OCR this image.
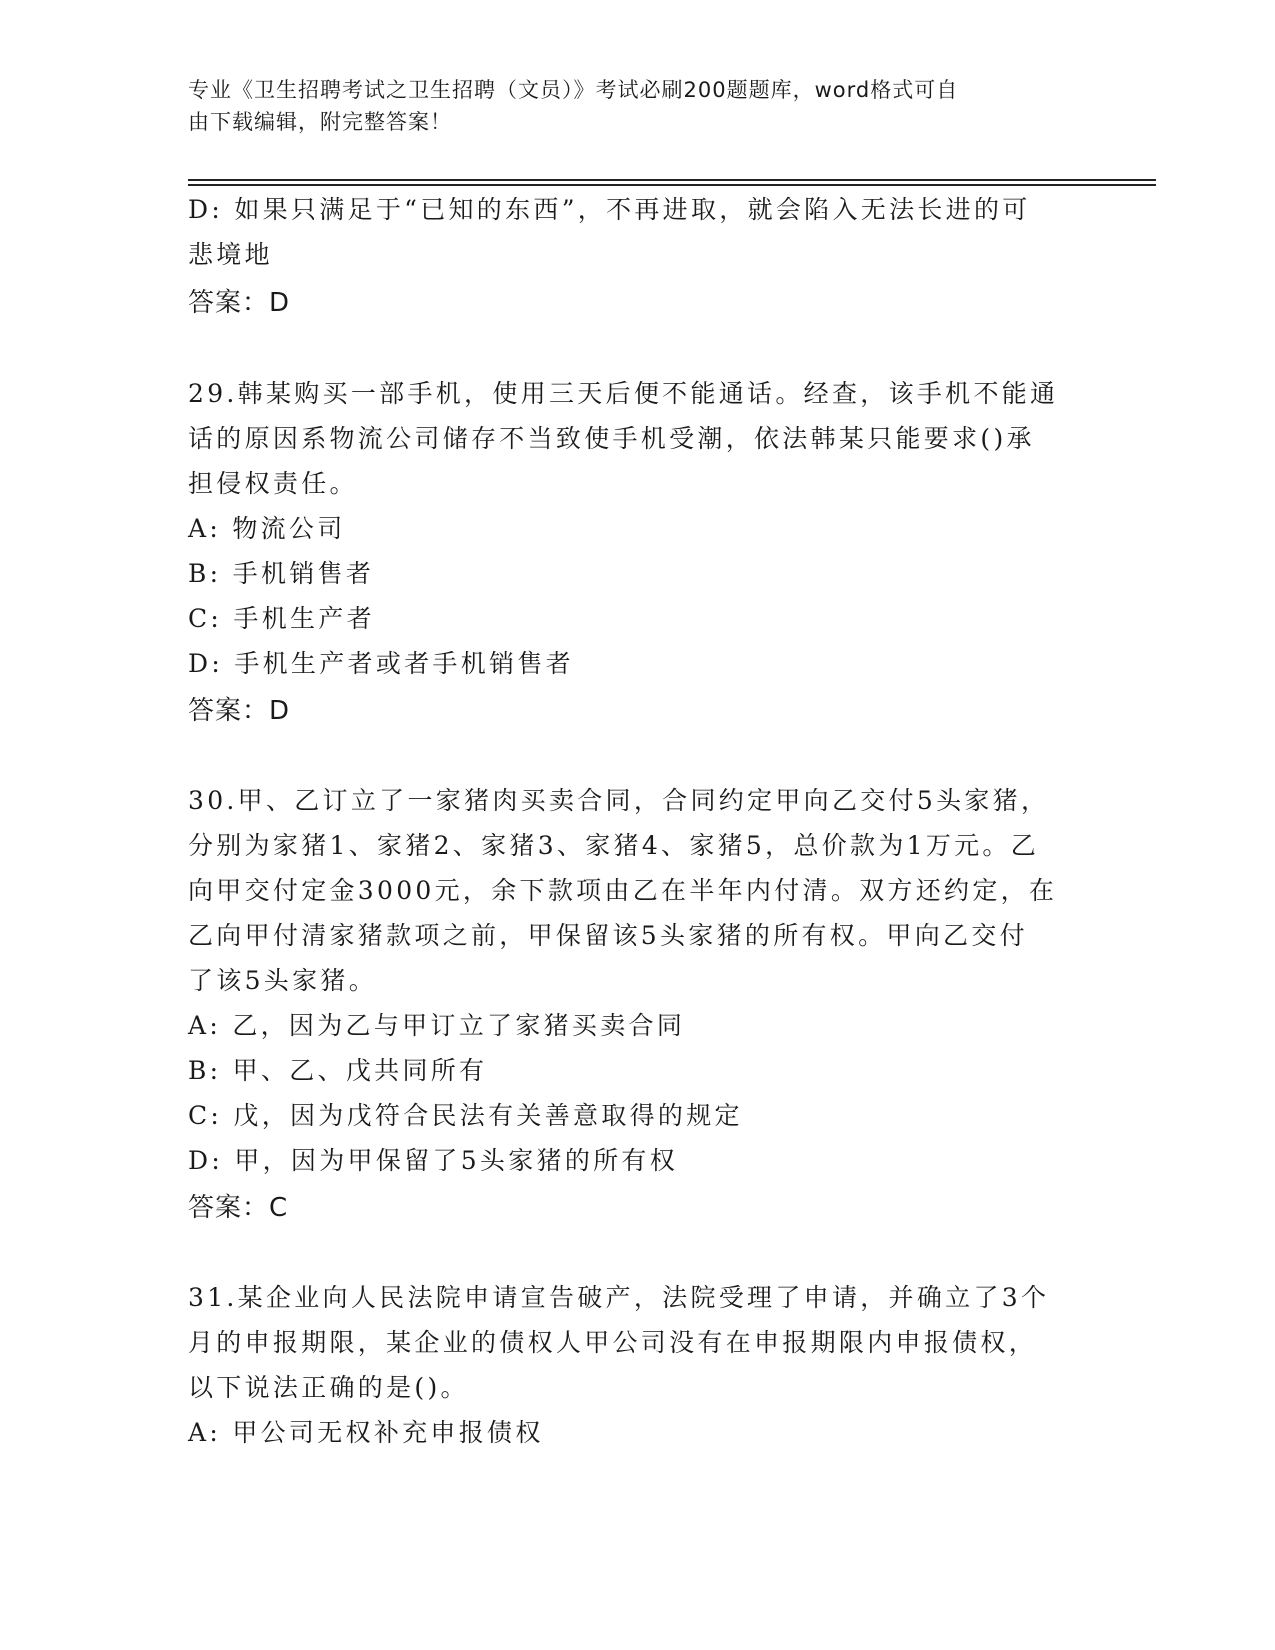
专业《卫生招聘考试之卫生招聘（文员）》考试必刷200题题库，word格式可自
由下载编辑，附完整答案！
D: 如果只满足于“已知的东西”，不再进取，就会陷入无法长进的可
悲境地
答案：D
29.韩某购买一部手机，使用三天后便不能通话。经查，该手机不能通
话的原因系物流公司储存不当致使手机受潮，依法韩某只能要求()承
担侵权责任。
A: 物流公司
B: 手机销售者
C: 手机生产者
D: 手机生产者或者手机销售者
答案：D
30.甲、乙订立了一家猪肉买卖合同，合同约定甲向乙交付5头家猪，
分别为家猪1、家猪2、家猪3、家猪4、家猪5，总价款为1万元。乙
向甲交付定金3000元，余下款项由乙在半年内付清。双方还约定，在
乙向甲付清家猪款项之前，甲保留该5头家猪的所有权。甲向乙交付
了该5头家猪。
A: 乙，因为乙与甲订立了家猪买卖合同
B: 甲、乙、戊共同所有
C: 戊，因为戊符合民法有关善意取得的规定
D: 甲，因为甲保留了5头家猪的所有权
答案：C
31.某企业向人民法院申请宣告破产，法院受理了申请，并确立了3个
月的申报期限，某企业的债权人甲公司没有在申报期限内申报债权，
以下说法正确的是()。
A: 甲公司无权补充申报债权
